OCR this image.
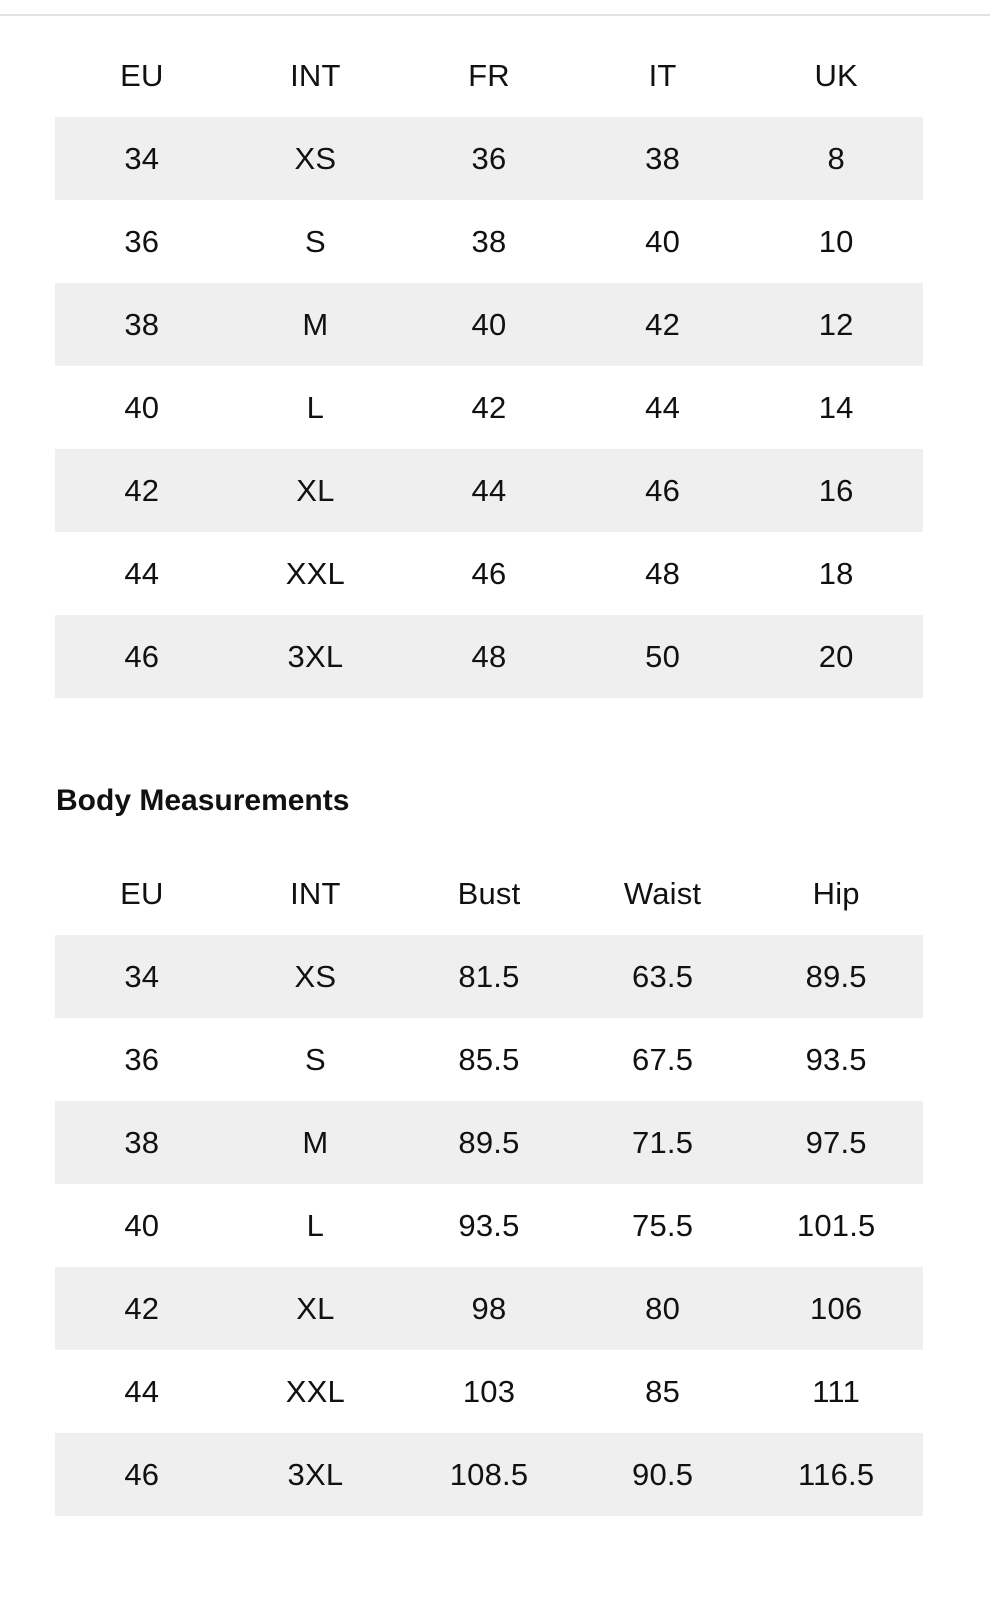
EU	INT	FR	IT	UK
34	XS	36	38	8
36	S	38	40	10
38	M	40	42	12
40	L	42	44	14
42	XL	44	46	16
44	XXL	46	48	18
46	3XL	48	50	20
Body Measurements
EU	INT	Bust	Waist	Hip
34	XS	81.5	63.5	89.5
36	S	85.5	67.5	93.5
38	M	89.5	71.5	97.5
40	L	93.5	75.5	101.5
42	XL	98	80	106
44	XXL	103	85	111
46	3XL	108.5	90.5	116.5
